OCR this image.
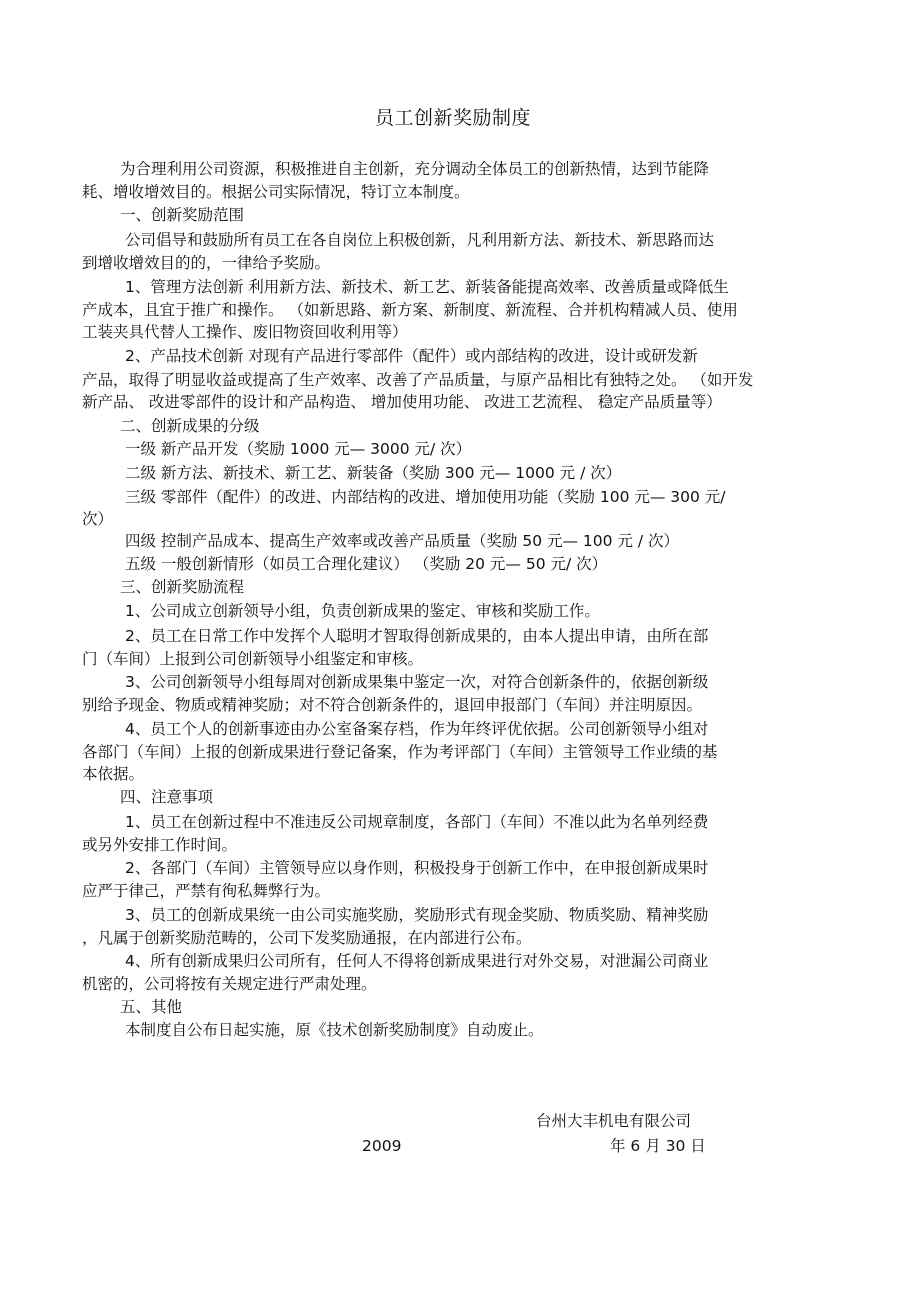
员工创新奖励制度
为合理利用公司资源，积极推进自主创新，充分调动全体员工的创新热情，达到节能降
耗、增收增效目的。根据公司实际情况，特订立本制度。
一、创新奖励范围
公司倡导和鼓励所有员工在各自岗位上积极创新，凡利用新方法、新技术、新思路而达
到增收增效目的的，一律给予奖励。
1、管理方法创新 利用新方法、新技术、新工艺、新装备能提高效率、改善质量或降低生
产成本，且宜于推广和操作。 （如新思路、新方案、新制度、新流程、合并机构精减人员、使用
工装夹具代替人工操作、废旧物资回收利用等）
2、产品技术创新 对现有产品进行零部件（配件）或内部结构的改进，设计或研发新
产品，取得了明显收益或提高了生产效率、改善了产品质量，与原产品相比有独特之处。 （如开发
新产品、 改进零部件的设计和产品构造、 增加使用功能、 改进工艺流程、 稳定产品质量等）
二、创新成果的分级
一级 新产品开发（奖励 1000 元— 3000 元/ 次）
二级 新方法、新技术、新工艺、新装备（奖励 300 元— 1000 元 / 次）
三级 零部件（配件）的改进、内部结构的改进、增加使用功能（奖励 100 元— 300 元/
次）
四级 控制产品成本、提高生产效率或改善产品质量（奖励 50 元— 100 元 / 次）
五级 一般创新情形（如员工合理化建议） （奖励 20 元— 50 元/ 次）
三、创新奖励流程
1、公司成立创新领导小组，负责创新成果的鉴定、审核和奖励工作。
2、员工在日常工作中发挥个人聪明才智取得创新成果的，由本人提出申请，由所在部
门（车间）上报到公司创新领导小组鉴定和审核。
3、公司创新领导小组每周对创新成果集中鉴定一次，对符合创新条件的，依据创新级
别给予现金、物质或精神奖励；对不符合创新条件的，退回申报部门（车间）并注明原因。
4、员工个人的创新事迹由办公室备案存档，作为年终评优依据。公司创新领导小组对
各部门（车间）上报的创新成果进行登记备案，作为考评部门（车间）主管领导工作业绩的基
本依据。
四、注意事项
1、员工在创新过程中不准违反公司规章制度，各部门（车间）不准以此为名单列经费
或另外安排工作时间。
2、各部门（车间）主管领导应以身作则，积极投身于创新工作中，在申报创新成果时
应严于律己，严禁有徇私舞弊行为。
3、员工的创新成果统一由公司实施奖励，奖励形式有现金奖励、物质奖励、精神奖励
，凡属于创新奖励范畴的，公司下发奖励通报，在内部进行公布。
4、所有创新成果归公司所有，任何人不得将创新成果进行对外交易，对泄漏公司商业
机密的，公司将按有关规定进行严肃处理。
五、其他
本制度自公布日起实施，原《技术创新奖励制度》自动废止。
台州大丰机电有限公司
2009	年 6 月 30 日
